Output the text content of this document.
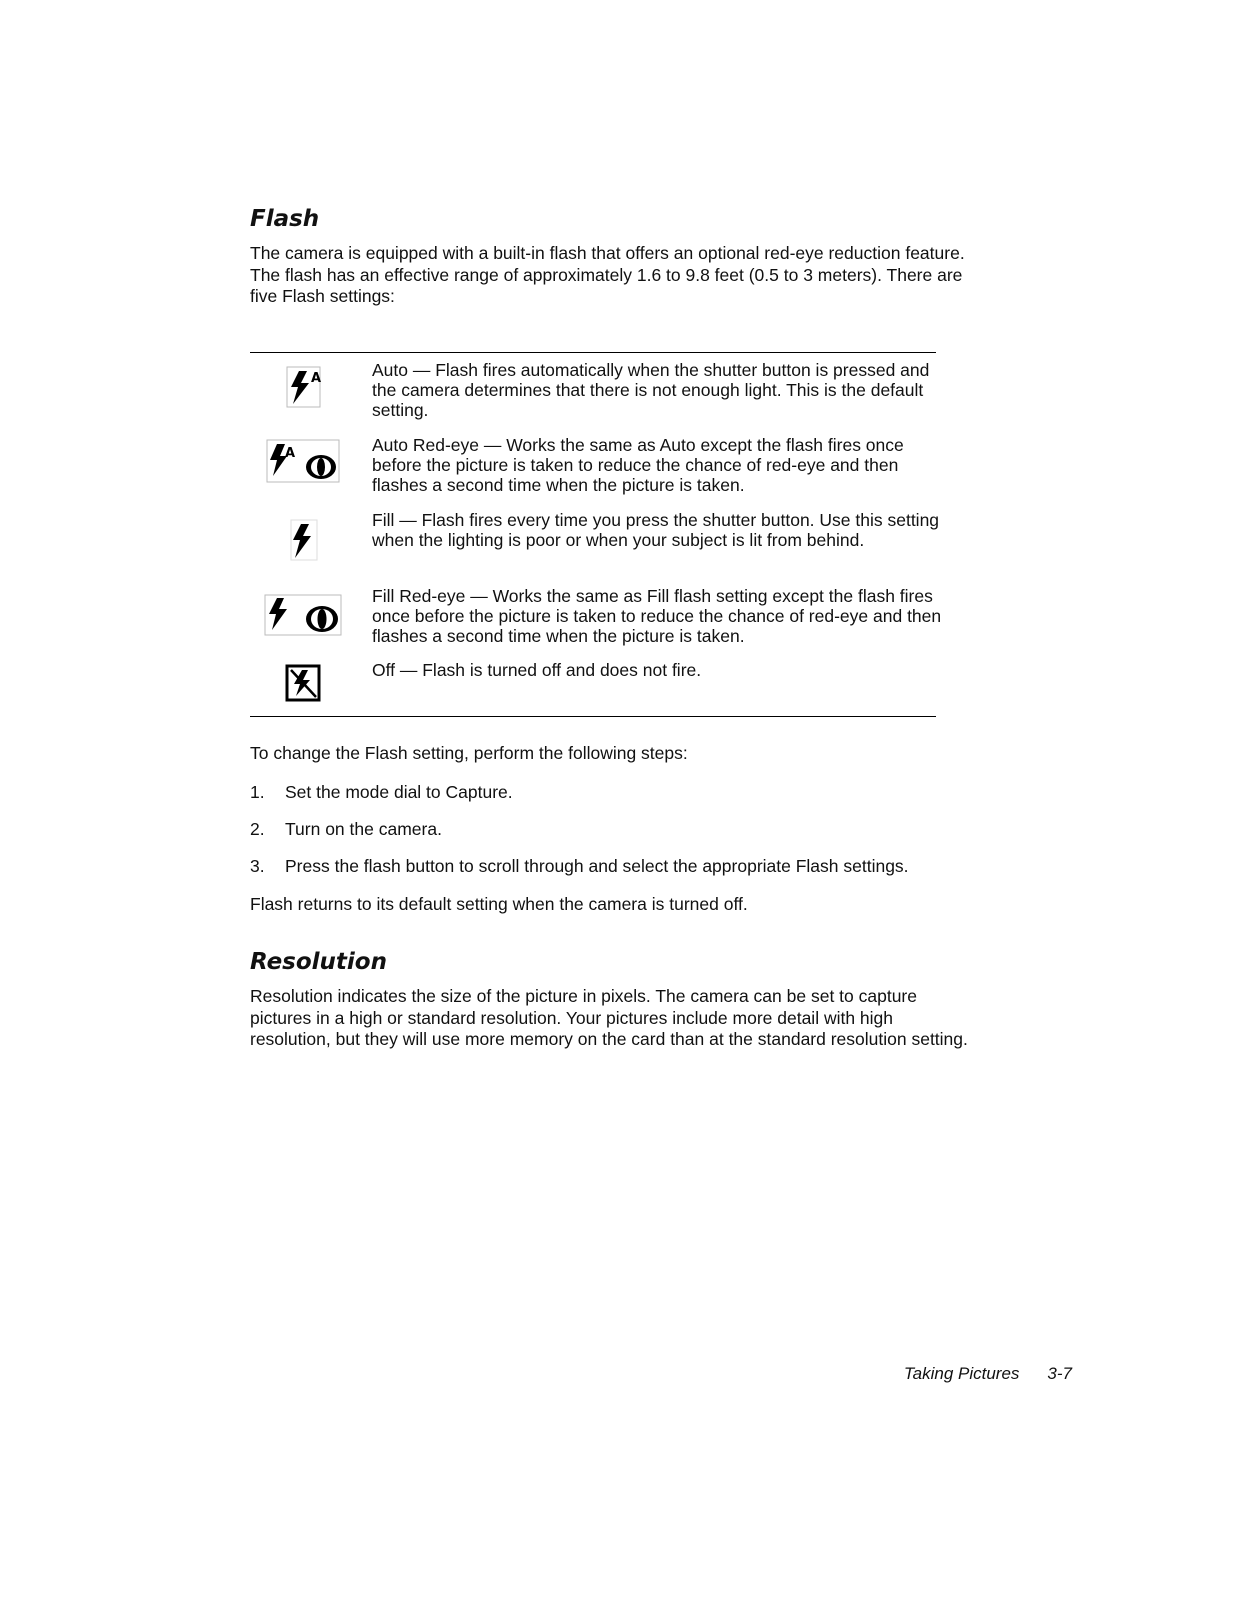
Flash

The camera is equipped with a built-in flash that offers an optional red-eye reduction feature. The flash has an effective range of approximately 1.6 to 9.8 feet (0.5 to 3 meters). There are five Flash settings:

A	Auto — Flash fires automatically when the shutter button is pressed and the camera determines that there is not enough light. This is the default setting.

A	Auto Red-eye — Works the same as Auto except the flash fires once before the picture is taken to reduce the chance of red-eye and then flashes a second time when the picture is taken.

Fill — Flash fires every time you press the shutter button. Use this setting when the lighting is poor or when your subject is lit from behind.

Fill Red-eye — Works the same as Fill flash setting except the flash fires once before the picture is taken to reduce the chance of red-eye and then flashes a second time when the picture is taken.

Off — Flash is turned off and does not fire.

To change the Flash setting, perform the following steps:

1.	Set the mode dial to Capture.
2.	Turn on the camera.
3.	Press the flash button to scroll through and select the appropriate Flash settings.

Flash returns to its default setting when the camera is turned off.

Resolution

Resolution indicates the size of the picture in pixels. The camera can be set to capture pictures in a high or standard resolution. Your pictures include more detail with high resolution, but they will use more memory on the card than at the standard resolution setting.

Taking Pictures 3-7
